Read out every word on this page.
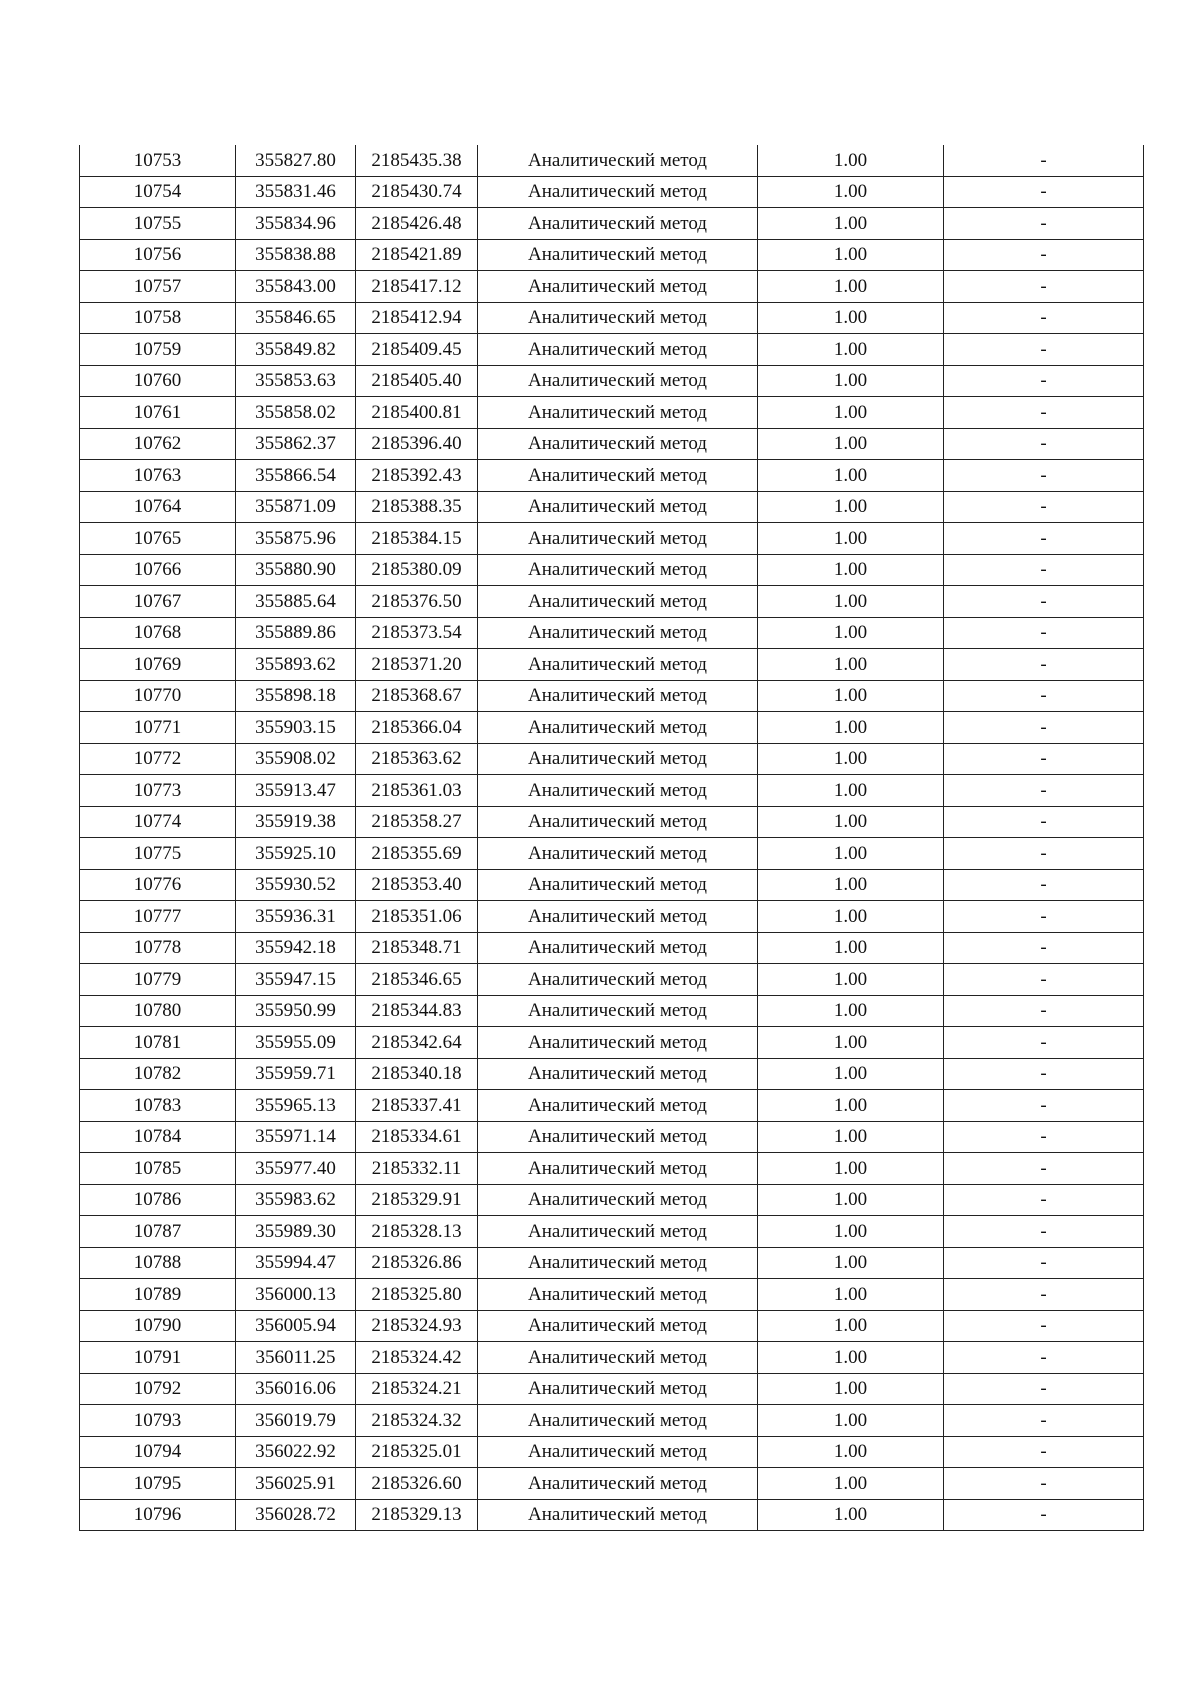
10753	355827.80	2185435.38	Аналитический метод	1.00	-
10754	355831.46	2185430.74	Аналитический метод	1.00	-
10755	355834.96	2185426.48	Аналитический метод	1.00	-
10756	355838.88	2185421.89	Аналитический метод	1.00	-
10757	355843.00	2185417.12	Аналитический метод	1.00	-
10758	355846.65	2185412.94	Аналитический метод	1.00	-
10759	355849.82	2185409.45	Аналитический метод	1.00	-
10760	355853.63	2185405.40	Аналитический метод	1.00	-
10761	355858.02	2185400.81	Аналитический метод	1.00	-
10762	355862.37	2185396.40	Аналитический метод	1.00	-
10763	355866.54	2185392.43	Аналитический метод	1.00	-
10764	355871.09	2185388.35	Аналитический метод	1.00	-
10765	355875.96	2185384.15	Аналитический метод	1.00	-
10766	355880.90	2185380.09	Аналитический метод	1.00	-
10767	355885.64	2185376.50	Аналитический метод	1.00	-
10768	355889.86	2185373.54	Аналитический метод	1.00	-
10769	355893.62	2185371.20	Аналитический метод	1.00	-
10770	355898.18	2185368.67	Аналитический метод	1.00	-
10771	355903.15	2185366.04	Аналитический метод	1.00	-
10772	355908.02	2185363.62	Аналитический метод	1.00	-
10773	355913.47	2185361.03	Аналитический метод	1.00	-
10774	355919.38	2185358.27	Аналитический метод	1.00	-
10775	355925.10	2185355.69	Аналитический метод	1.00	-
10776	355930.52	2185353.40	Аналитический метод	1.00	-
10777	355936.31	2185351.06	Аналитический метод	1.00	-
10778	355942.18	2185348.71	Аналитический метод	1.00	-
10779	355947.15	2185346.65	Аналитический метод	1.00	-
10780	355950.99	2185344.83	Аналитический метод	1.00	-
10781	355955.09	2185342.64	Аналитический метод	1.00	-
10782	355959.71	2185340.18	Аналитический метод	1.00	-
10783	355965.13	2185337.41	Аналитический метод	1.00	-
10784	355971.14	2185334.61	Аналитический метод	1.00	-
10785	355977.40	2185332.11	Аналитический метод	1.00	-
10786	355983.62	2185329.91	Аналитический метод	1.00	-
10787	355989.30	2185328.13	Аналитический метод	1.00	-
10788	355994.47	2185326.86	Аналитический метод	1.00	-
10789	356000.13	2185325.80	Аналитический метод	1.00	-
10790	356005.94	2185324.93	Аналитический метод	1.00	-
10791	356011.25	2185324.42	Аналитический метод	1.00	-
10792	356016.06	2185324.21	Аналитический метод	1.00	-
10793	356019.79	2185324.32	Аналитический метод	1.00	-
10794	356022.92	2185325.01	Аналитический метод	1.00	-
10795	356025.91	2185326.60	Аналитический метод	1.00	-
10796	356028.72	2185329.13	Аналитический метод	1.00	-
